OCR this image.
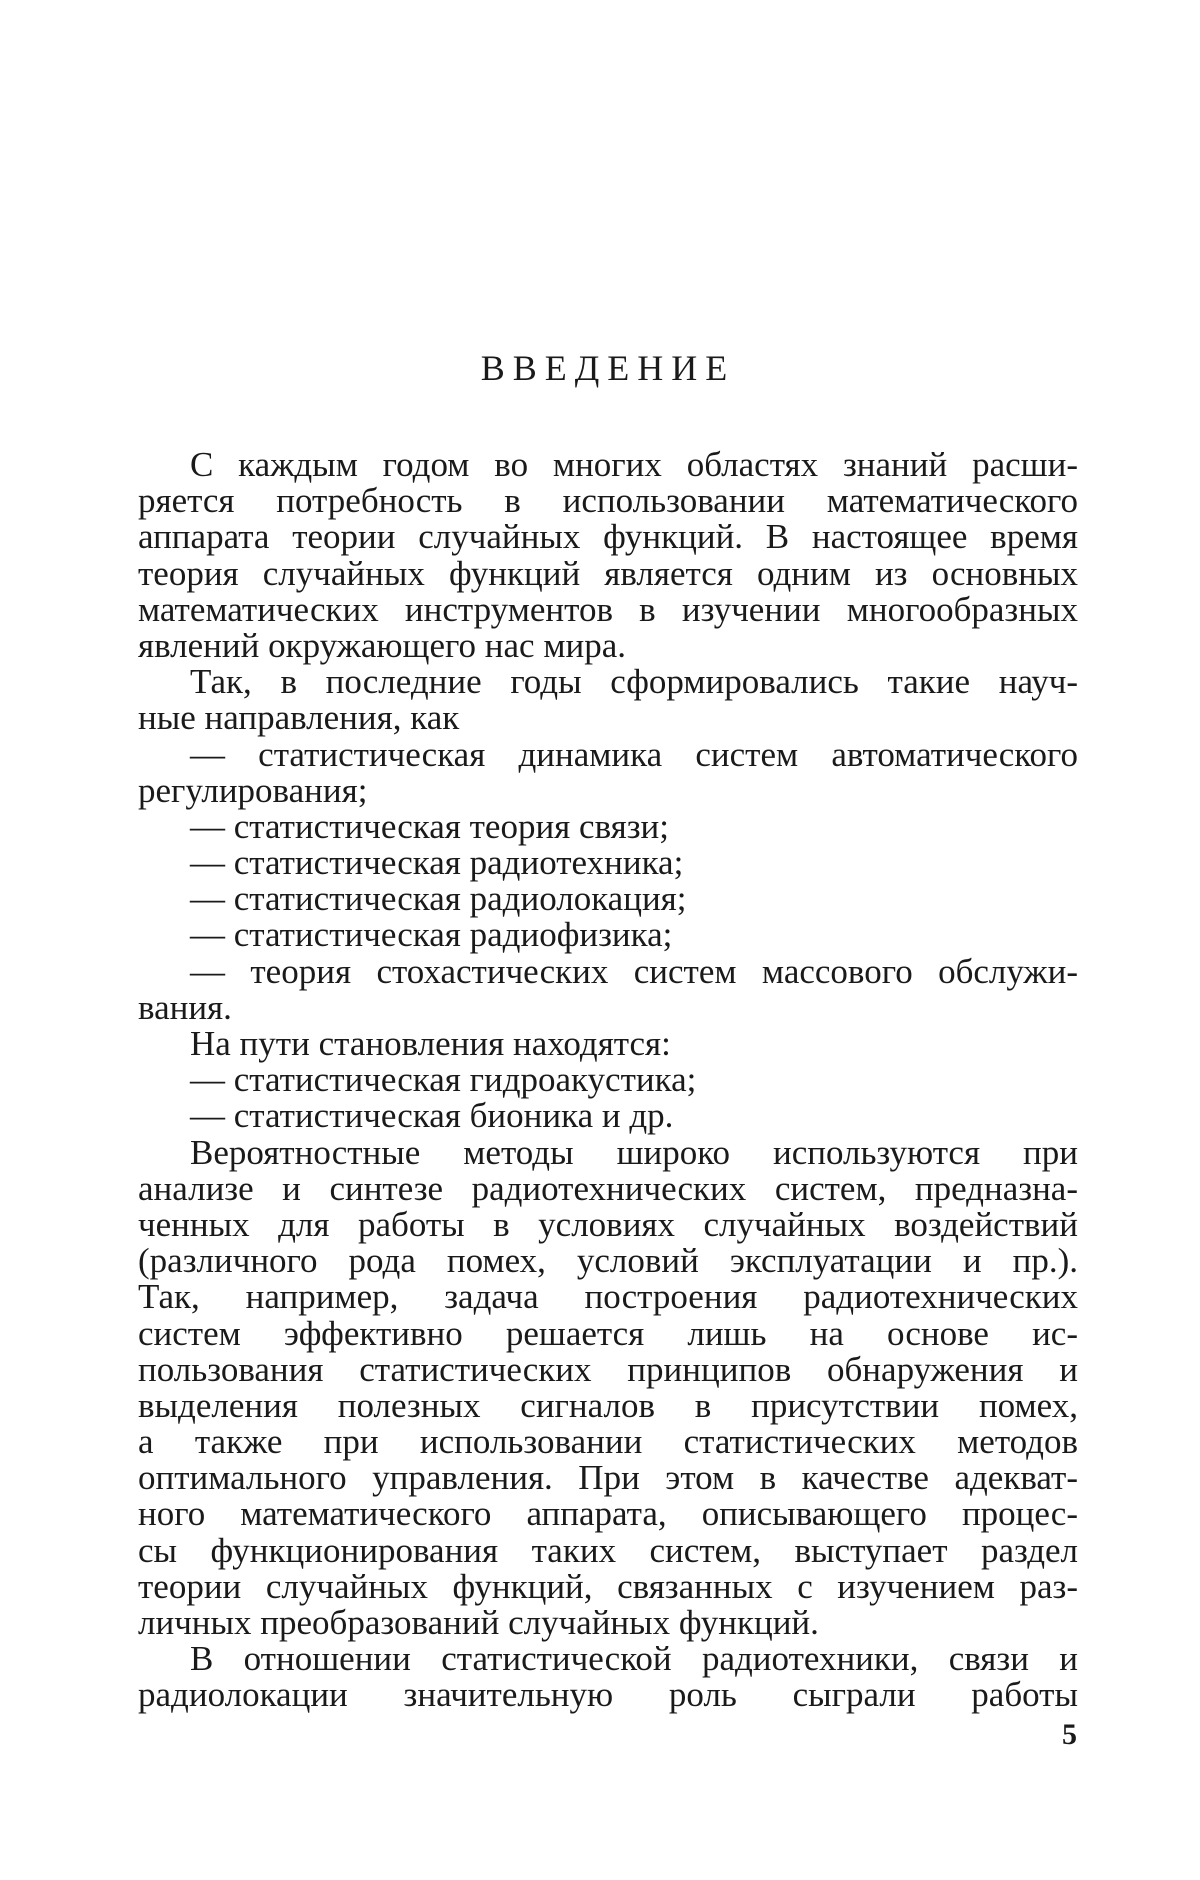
ВВЕДЕНИЕ
С каждым годом во многих областях знаний расши-
ряется потребность в использовании математического
аппарата теории случайных функций. В настоящее время
теория случайных функций является одним из основных
математических инструментов в изучении многообразных
явлений окружающего нас мира.
Так, в последние годы сформировались такие науч-
ные направления, как
— статистическая динамика систем автоматического
регулирования;
— статистическая теория связи;
— статистическая радиотехника;
— статистическая радиолокация;
— статистическая радиофизика;
— теория стохастических систем массового обслужи-
вания.
На пути становления находятся:
— статистическая гидроакустика;
— статистическая бионика и др.
Вероятностные методы широко используются при
анализе и синтезе радиотехнических систем, предназна-
ченных для работы в условиях случайных воздействий
(различного рода помех, условий эксплуатации и пр.).
Так, например, задача построения радиотехнических
систем эффективно решается лишь на основе ис-
пользования статистических принципов обнаружения и
выделения полезных сигналов в присутствии помех,
а также при использовании статистических методов
оптимального управления. При этом в качестве адекват-
ного математического аппарата, описывающего процес-
сы функционирования таких систем, выступает раздел
теории случайных функций, связанных с изучением раз-
личных преобразований случайных функций.
В отношении статистической радиотехники, связи и
радиолокации значительную роль сыграли работы
5
